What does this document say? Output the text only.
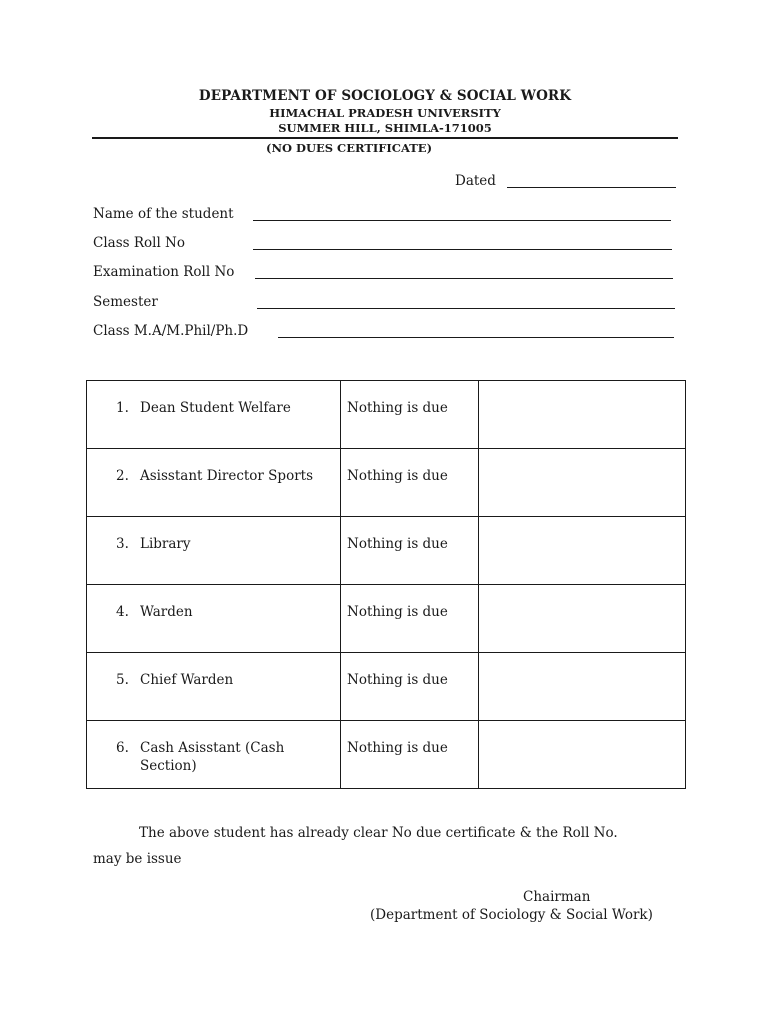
DEPARTMENT OF SOCIOLOGY & SOCIAL WORK
HIMACHAL PRADESH UNIVERSITY
SUMMER HILL, SHIMLA-171005
(NO DUES CERTIFICATE)
Dated
Name of the student
Class Roll No
Examination Roll No
Semester
Class M.A/M.Phil/Ph.D
1. Dean Student Welfare	Nothing is due	

2. Asisstant Director Sports	Nothing is due	

3. Library	Nothing is due	

4. Warden	Nothing is due	

5. Chief Warden	Nothing is due	

6. Cash Asisstant (Cash Section)	Nothing is due	

The above student has already clear No due certificate & the Roll No.
may be issue
Chairman
(Department of Sociology & Social Work)
